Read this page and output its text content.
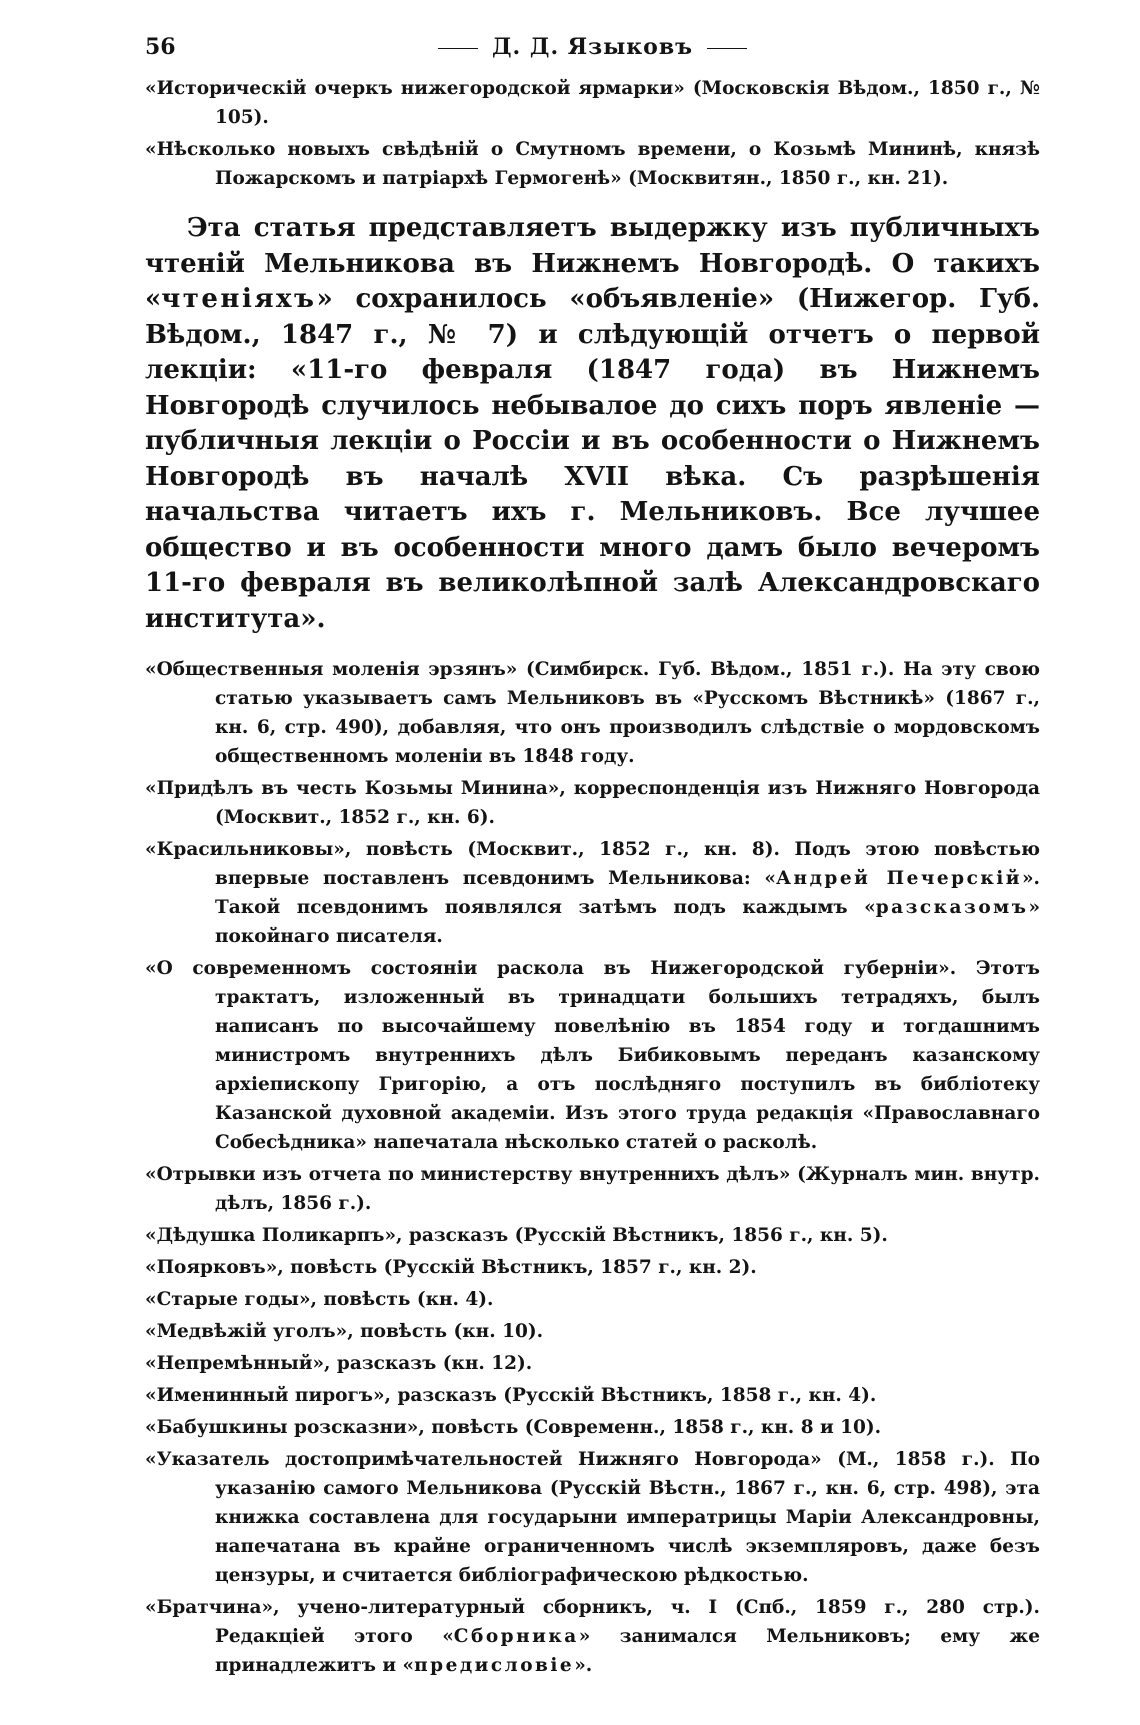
56	Д. Д. Языковъ

«Историческій очеркъ нижегородской ярмарки» (Московскія Вѣдом., 1850 г., № 105).

«Нѣсколько новыхъ свѣдѣній о Смутномъ времени, о Козьмѣ Мининѣ, князѣ Пожарскомъ и патріархѣ Гермогенѣ» (Москвитян., 1850 г., кн. 21).

Эта статья представляетъ выдержку изъ публичныхъ чтеній Мельникова въ Нижнемъ Новгородѣ. О такихъ «чтеніяхъ» сохранилось «объявленіе» (Нижегор. Губ. Вѣдом., 1847 г., № 7) и слѣдующій отчетъ о первой лекціи: «11-го февраля (1847 года) въ Нижнемъ Новгородѣ случилось небывалое до сихъ поръ явленіе — публичныя лекціи о Россіи и въ особенности о Нижнемъ Новгородѣ въ началѣ XVII вѣка. Съ разрѣшенія начальства читаетъ ихъ г. Мельниковъ. Все лучшее общество и въ особенности много дамъ было вечеромъ 11-го февраля въ великолѣпной залѣ Александровскаго института».

«Общественныя моленія эрзянъ» (Симбирск. Губ. Вѣдом., 1851 г.). На эту свою статью указываетъ самъ Мельниковъ въ «Русскомъ Вѣстникѣ» (1867 г., кн. 6, стр. 490), добавляя, что онъ производилъ слѣдствіе о мордовскомъ общественномъ моленіи въ 1848 году.

«Придѣлъ въ честь Козьмы Минина», корреспонденція изъ Нижняго Новгорода (Москвит., 1852 г., кн. 6).

«Красильниковы», повѣсть (Москвит., 1852 г., кн. 8). Подъ этою повѣстью впервые поставленъ псевдонимъ Мельникова: «Андрей Печерскій». Такой псевдонимъ появлялся затѣмъ подъ каждымъ «разсказомъ» покойнаго писателя.

«О современномъ состояніи раскола въ Нижегородской губерніи». Этотъ трактатъ, изложенный въ тринадцати большихъ тетрадяхъ, былъ написанъ по высочайшему повелѣнію въ 1854 году и тогдашнимъ министромъ внутреннихъ дѣлъ Бибиковымъ переданъ казанскому архіепископу Григорію, а отъ послѣдняго поступилъ въ библіотеку Казанской духовной академіи. Изъ этого труда редакція «Православнаго Собесѣдника» напечатала нѣсколько статей о расколѣ.

«Отрывки изъ отчета по министерству внутреннихъ дѣлъ» (Журналъ мин. внутр. дѣлъ, 1856 г.).

«Дѣдушка Поликарпъ», разсказъ (Русскій Вѣстникъ, 1856 г., кн. 5).

«Поярковъ», повѣсть (Русскій Вѣстникъ, 1857 г., кн. 2).

«Старые годы», повѣсть (кн. 4).

«Медвѣжій уголъ», повѣсть (кн. 10).

«Непремѣнный», разсказъ (кн. 12).

«Именинный пирогъ», разсказъ (Русскій Вѣстникъ, 1858 г., кн. 4).

«Бабушкины розсказни», повѣсть (Современн., 1858 г., кн. 8 и 10).

«Указатель достопримѣчательностей Нижняго Новгорода» (М., 1858 г.). По указанію самого Мельникова (Русскій Вѣстн., 1867 г., кн. 6, стр. 498), эта книжка составлена для государыни императрицы Маріи Александровны, напечатана въ крайне ограниченномъ числѣ экземпляровъ, даже безъ цензуры, и считается библіографическою рѣдкостью.

«Братчина», учено-литературный сборникъ, ч. I (Спб., 1859 г., 280 стр.). Редакціей этого «Сборника» занимался Мельниковъ; ему же принадлежитъ и «предисловіе».
